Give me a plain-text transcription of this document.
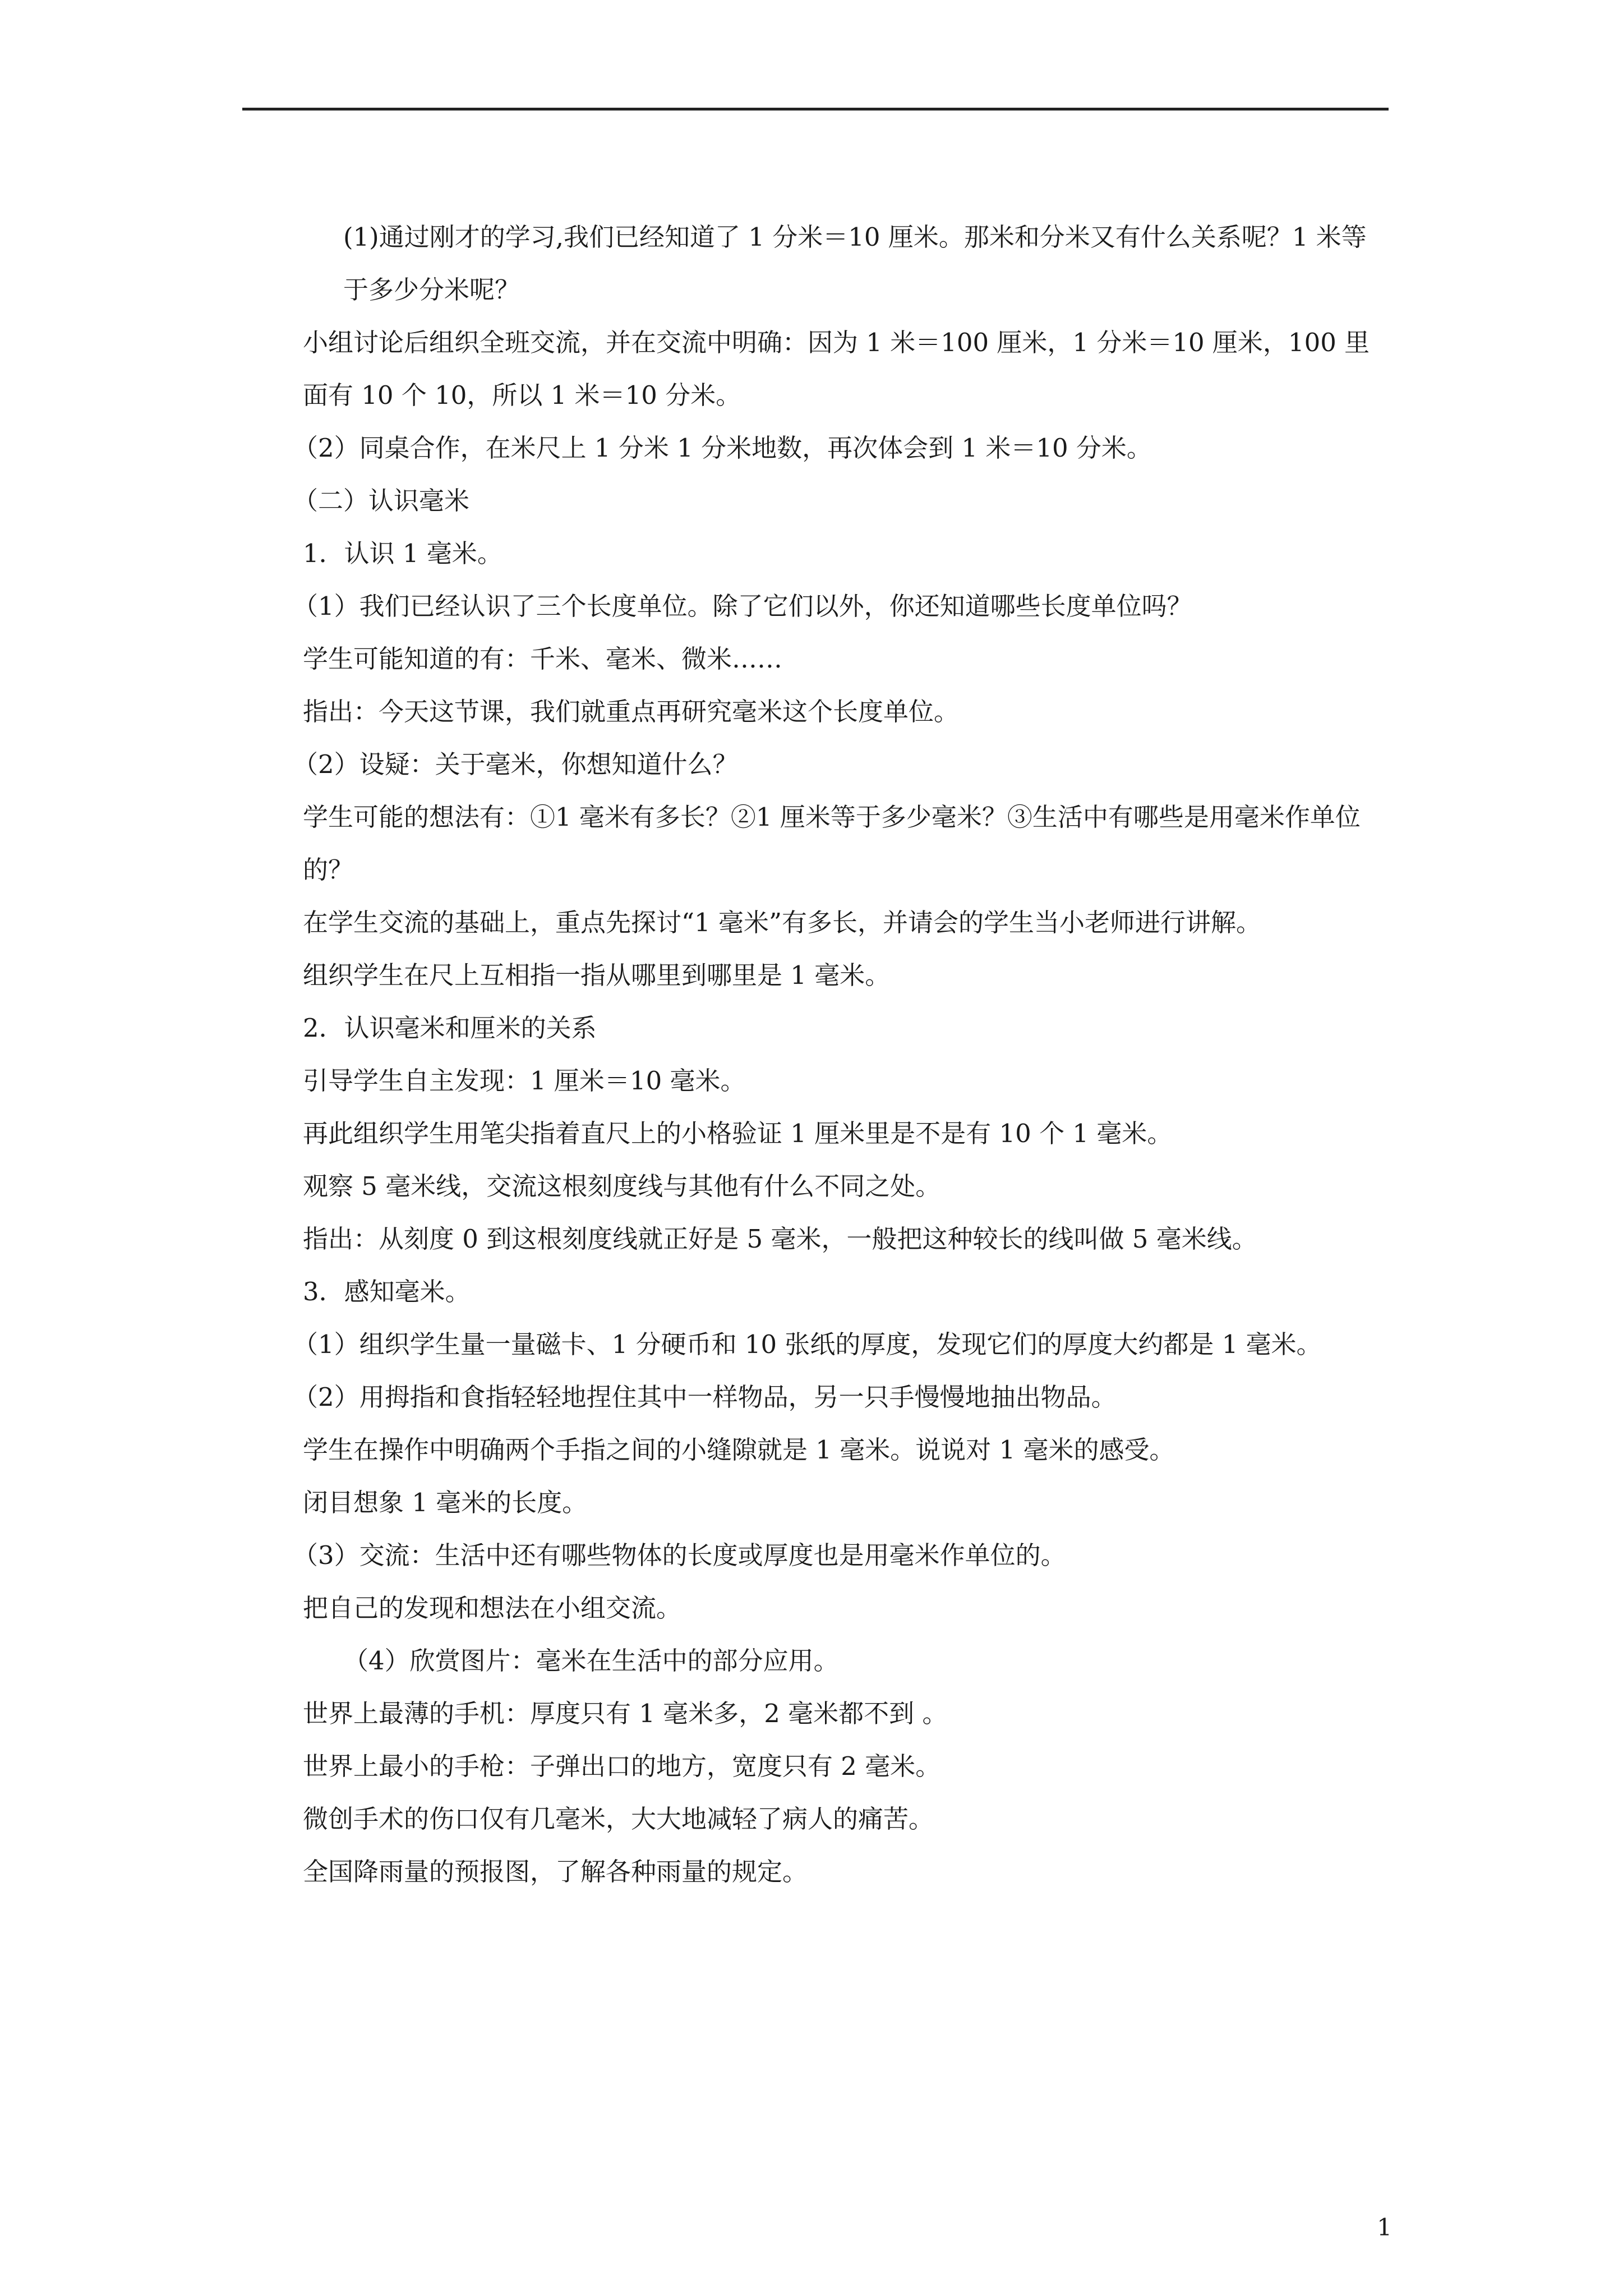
(1)通过刚才的学习,我们已经知道了 1 分米＝10 厘米。那米和分米又有什么关系呢？1 米等于多少分米呢？

小组讨论后组织全班交流，并在交流中明确：因为 1 米＝100 厘米，1 分米＝10 厘米，100 里面有 10 个 10，所以 1 米＝10 分米。

（2）同桌合作，在米尺上 1 分米 1 分米地数，再次体会到 1 米＝10 分米。

（二）认识毫米

1．认识 1 毫米。

（1）我们已经认识了三个长度单位。除了它们以外，你还知道哪些长度单位吗？

学生可能知道的有：千米、毫米、微米……

指出：今天这节课，我们就重点再研究毫米这个长度单位。

（2）设疑：关于毫米，你想知道什么？

学生可能的想法有：①1 毫米有多长？②1 厘米等于多少毫米？③生活中有哪些是用毫米作单位的？

在学生交流的基础上，重点先探讨“1 毫米”有多长，并请会的学生当小老师进行讲解。

组织学生在尺上互相指一指从哪里到哪里是 1 毫米。

2．认识毫米和厘米的关系

引导学生自主发现：1 厘米＝10 毫米。

再此组织学生用笔尖指着直尺上的小格验证 1 厘米里是不是有 10 个 1 毫米。

观察 5 毫米线，交流这根刻度线与其他有什么不同之处。

指出：从刻度 0 到这根刻度线就正好是 5 毫米，一般把这种较长的线叫做 5 毫米线。

3．感知毫米。

（1）组织学生量一量磁卡、1 分硬币和 10 张纸的厚度，发现它们的厚度大约都是 1 毫米。

（2）用拇指和食指轻轻地捏住其中一样物品，另一只手慢慢地抽出物品。

学生在操作中明确两个手指之间的小缝隙就是 1 毫米。说说对 1 毫米的感受。

闭目想象 1 毫米的长度。

（3）交流：生活中还有哪些物体的长度或厚度也是用毫米作单位的。

把自己的发现和想法在小组交流。

（4）欣赏图片：毫米在生活中的部分应用。

世界上最薄的手机：厚度只有 1 毫米多，2 毫米都不到 。

世界上最小的手枪：子弹出口的地方，宽度只有 2 毫米。

微创手术的伤口仅有几毫米，大大地减轻了病人的痛苦。

全国降雨量的预报图，了解各种雨量的规定。

1
